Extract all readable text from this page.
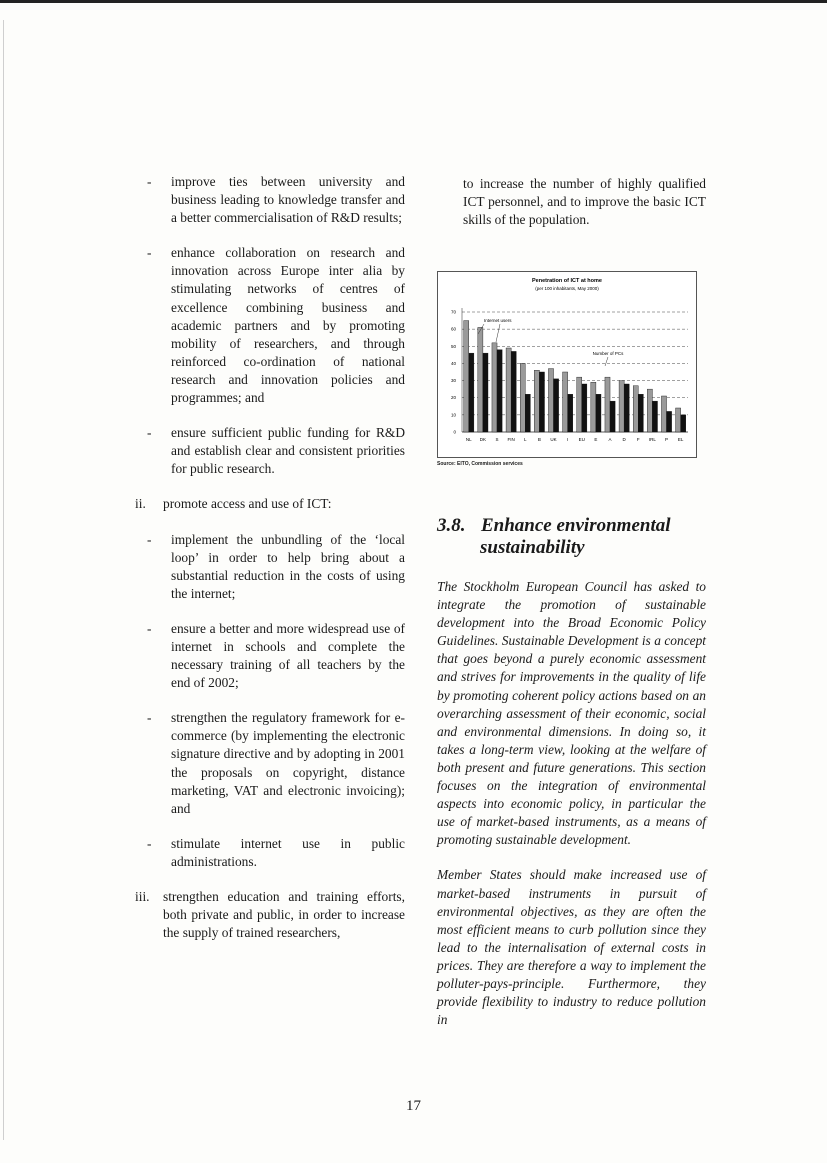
- improve ties between university and business leading to knowledge transfer and a better commercialisation of R&D results;
- enhance collaboration on research and innovation across Europe inter alia by stimulating networks of centres of excellence combining business and academic partners and by promoting mobility of researchers, and through reinforced co-ordination of national research and innovation policies and programmes; and
- ensure sufficient public funding for R&D and establish clear and consistent priorities for public research.
ii. promote access and use of ICT:
- implement the unbundling of the ‘local loop’ in order to help bring about a substantial reduction in the costs of using the internet;
- ensure a better and more widespread use of internet in schools and complete the necessary training of all teachers by the end of 2002;
- strengthen the regulatory framework for e-commerce (by implementing the electronic signature directive and by adopting in 2001 the proposals on copyright, distance marketing, VAT and electronic invoicing); and
- stimulate internet use in public administrations.
iii. strengthen education and training efforts, both private and public, in order to increase the supply of trained researchers,
to increase the number of highly qualified ICT personnel, and to improve the basic ICT skills of the population.
Penetration of ICT at home
(per 100 inhabitants, May 2000)
NL DK S FIN L	B UK I EU E A D F IRL P EL
0
10
20
30
40
50
60
70
Internet users
Number of PCs
Source: EITO, Commission services
3.8. Enhance environmental
sustainability

The Stockholm European Council has asked to integrate the promotion of sustainable development into the Broad Economic Policy Guidelines. Sustainable Development is a concept that goes beyond a purely economic assessment and strives for improvements in the quality of life by promoting coherent policy actions based on an overarching assessment of their economic, social and environmental dimensions. In doing so, it takes a long-term view, looking at the welfare of both present and future generations. This section focuses on the integration of environmental aspects into economic policy, in particular the use of market-based instruments, as a means of promoting sustainable development.

Member States should make increased use of market-based instruments in pursuit of environmental objectives, as they are often the most efficient means to curb pollution since they lead to the internalisation of external costs in prices. They are therefore a way to implement the polluter-pays-principle. Furthermore, they provide flexibility to industry to reduce pollution in

17
